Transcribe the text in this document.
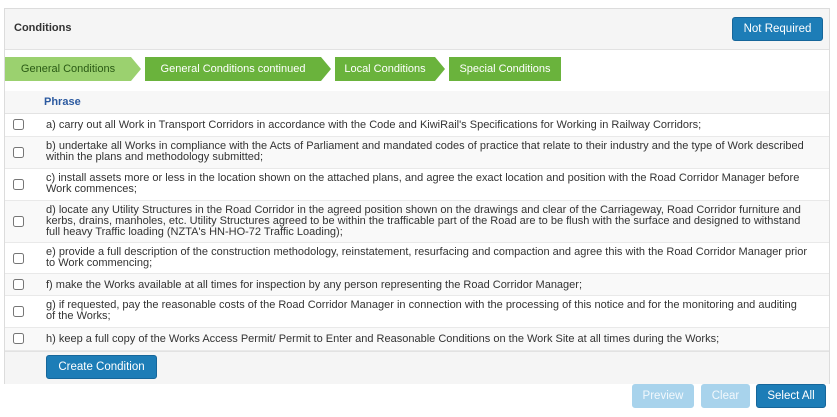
Conditions	Not Required
General Conditions	General Conditions continued	Local Conditions	Special Conditions
Phrase
a) carry out all Work in Transport Corridors in accordance with the Code and KiwiRail's Specifications for Working in Railway Corridors;
b) undertake all Works in compliance with the Acts of Parliament and mandated codes of practice that relate to their industry and the type of Work described within the plans and methodology submitted;
c) install assets more or less in the location shown on the attached plans, and agree the exact location and position with the Road Corridor Manager before Work commences;
d) locate any Utility Structures in the Road Corridor in the agreed position shown on the drawings and clear of the Carriageway, Road Corridor furniture and kerbs, drains, manholes, etc. Utility Structures agreed to be within the trafficable part of the Road are to be flush with the surface and designed to withstand full heavy Traffic loading (NZTA's HN-HO-72 Traffic Loading);
e) provide a full description of the construction methodology, reinstatement, resurfacing and compaction and agree this with the Road Corridor Manager prior to Work commencing;
f) make the Works available at all times for inspection by any person representing the Road Corridor Manager;
g) if requested, pay the reasonable costs of the Road Corridor Manager in connection with the processing of this notice and for the monitoring and auditing of the Works;
h) keep a full copy of the Works Access Permit/ Permit to Enter and Reasonable Conditions on the Work Site at all times during the Works;
Create Condition
Preview	Clear	Select All
